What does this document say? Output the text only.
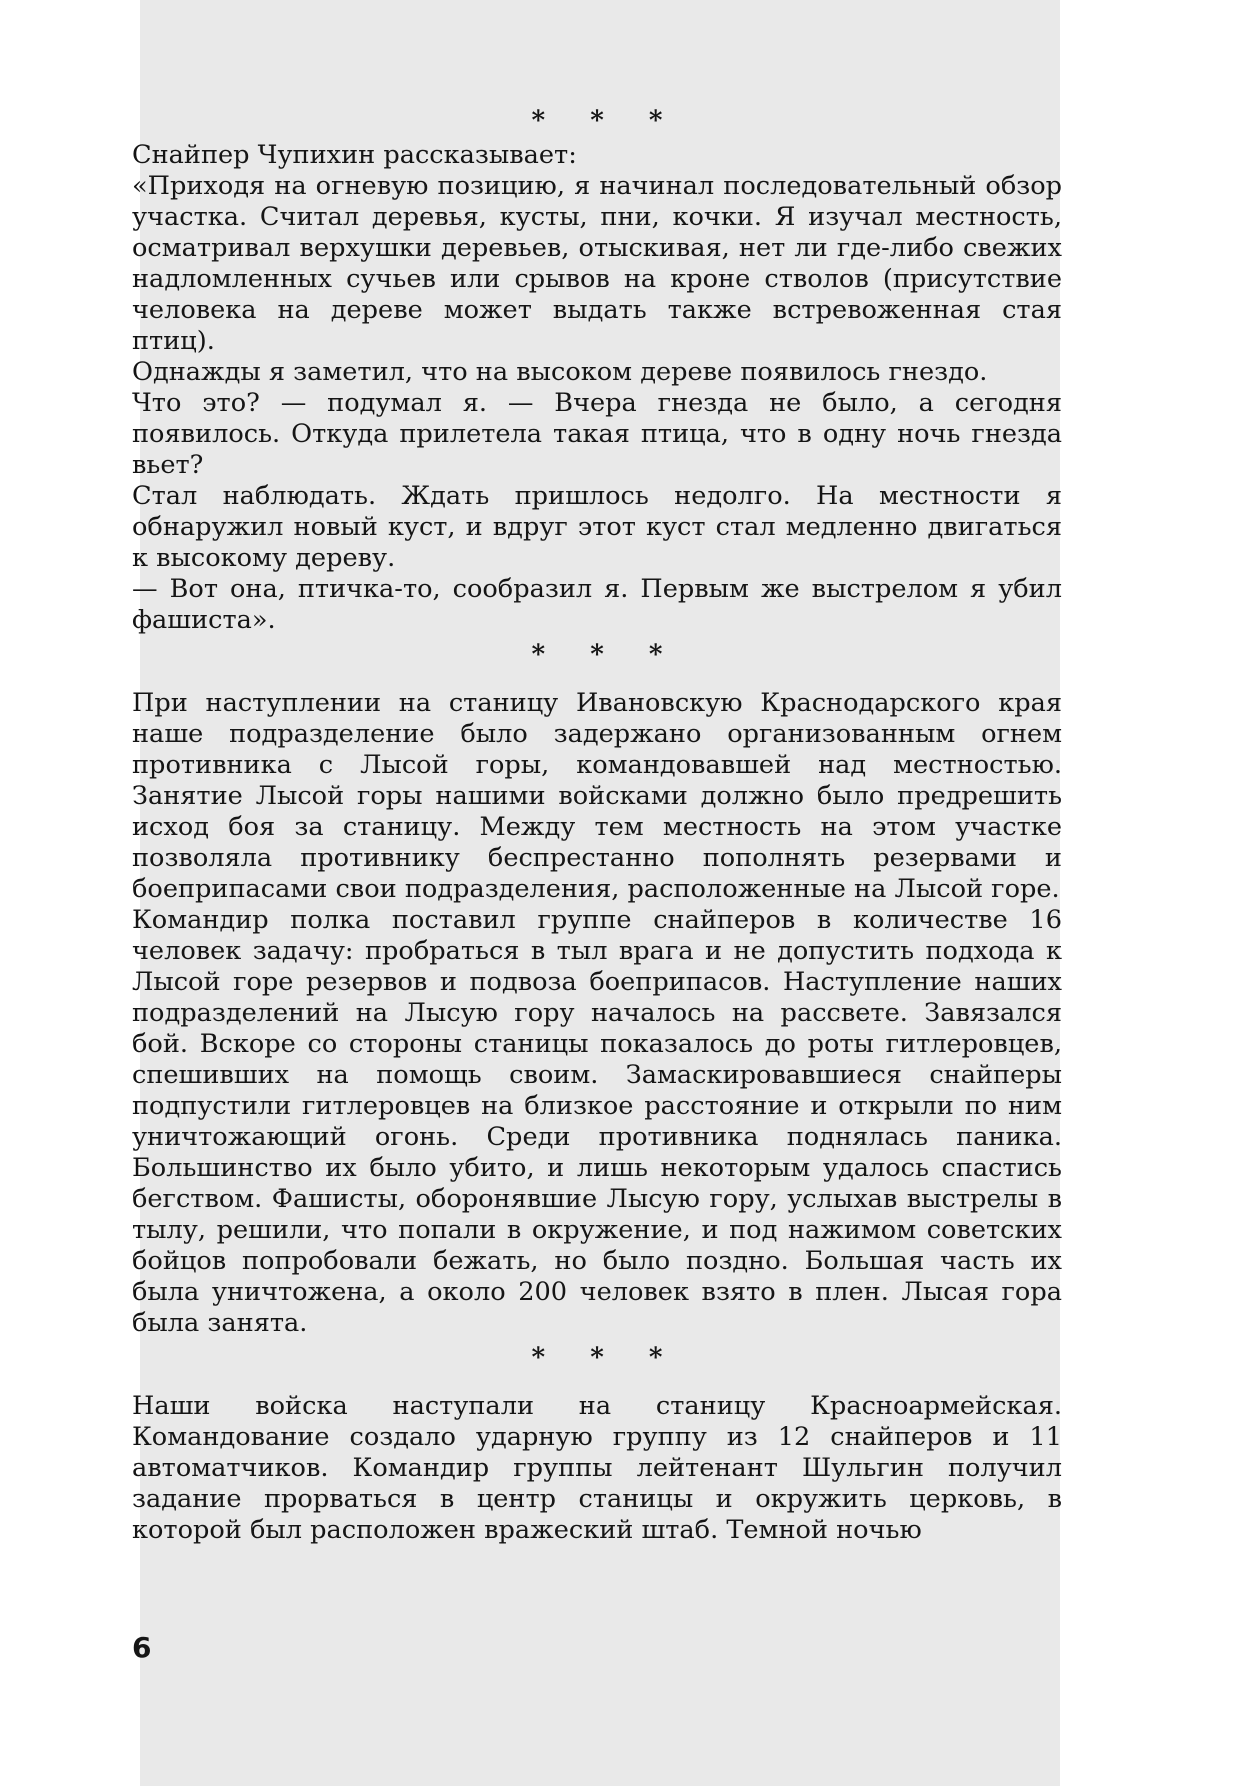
* * *

Снайпер Чупихин рассказывает:

«Приходя на огневую позицию, я начинал последовательный обзор участка. Считал деревья, кусты, пни, кочки. Я изучал местность, осматривал верхушки деревьев, отыскивая, нет ли где-либо свежих надломленных сучьев или срывов на кроне стволов (присутствие человека на дереве может выдать также встревоженная стая птиц).

Однажды я заметил, что на высоком дереве появилось гнездо.

Что это? — подумал я. — Вчера гнезда не было, а сегодня появилось. Откуда прилетела такая птица, что в одну ночь гнезда вьет?

Стал наблюдать. Ждать пришлось недолго. На местности я обнаружил новый куст, и вдруг этот куст стал медленно двигаться к высокому дереву.

— Вот она, птичка-то, сообразил я. Первым же выстрелом я убил фашиста».

* * *

При наступлении на станицу Ивановскую Краснодарского края наше подразделение было задержано организованным огнем противника с Лысой горы, командовавшей над местностью. Занятие Лысой горы нашими войсками должно было предрешить исход боя за станицу. Между тем местность на этом участке позволяла противнику беспрестанно пополнять резервами и боеприпасами свои подразделения, расположенные на Лысой горе.

Командир полка поставил группе снайперов в количестве 16 человек задачу: пробраться в тыл врага и не допустить подхода к Лысой горе резервов и подвоза боеприпасов. Наступление наших подразделений на Лысую гору началось на рассвете. Завязался бой. Вскоре со стороны станицы показалось до роты гитлеровцев, спешивших на помощь своим. Замаскировавшиеся снайперы подпустили гитлеровцев на близкое расстояние и открыли по ним уничтожающий огонь. Среди противника поднялась паника. Большинство их было убито, и лишь некоторым удалось спастись бегством. Фашисты, оборонявшие Лысую гору, услыхав выстрелы в тылу, решили, что попали в окружение, и под нажимом советских бойцов попробовали бежать, но было поздно. Большая часть их была уничтожена, а около 200 человек взято в плен. Лысая гора была занята.

* * *

Наши войска наступали на станицу Красноармейская. Командование создало ударную группу из 12 снайперов и 11 автоматчиков. Командир группы лейтенант Шульгин получил задание прорваться в центр станицы и окружить церковь, в которой был расположен вражеский штаб. Темной ночью

6
